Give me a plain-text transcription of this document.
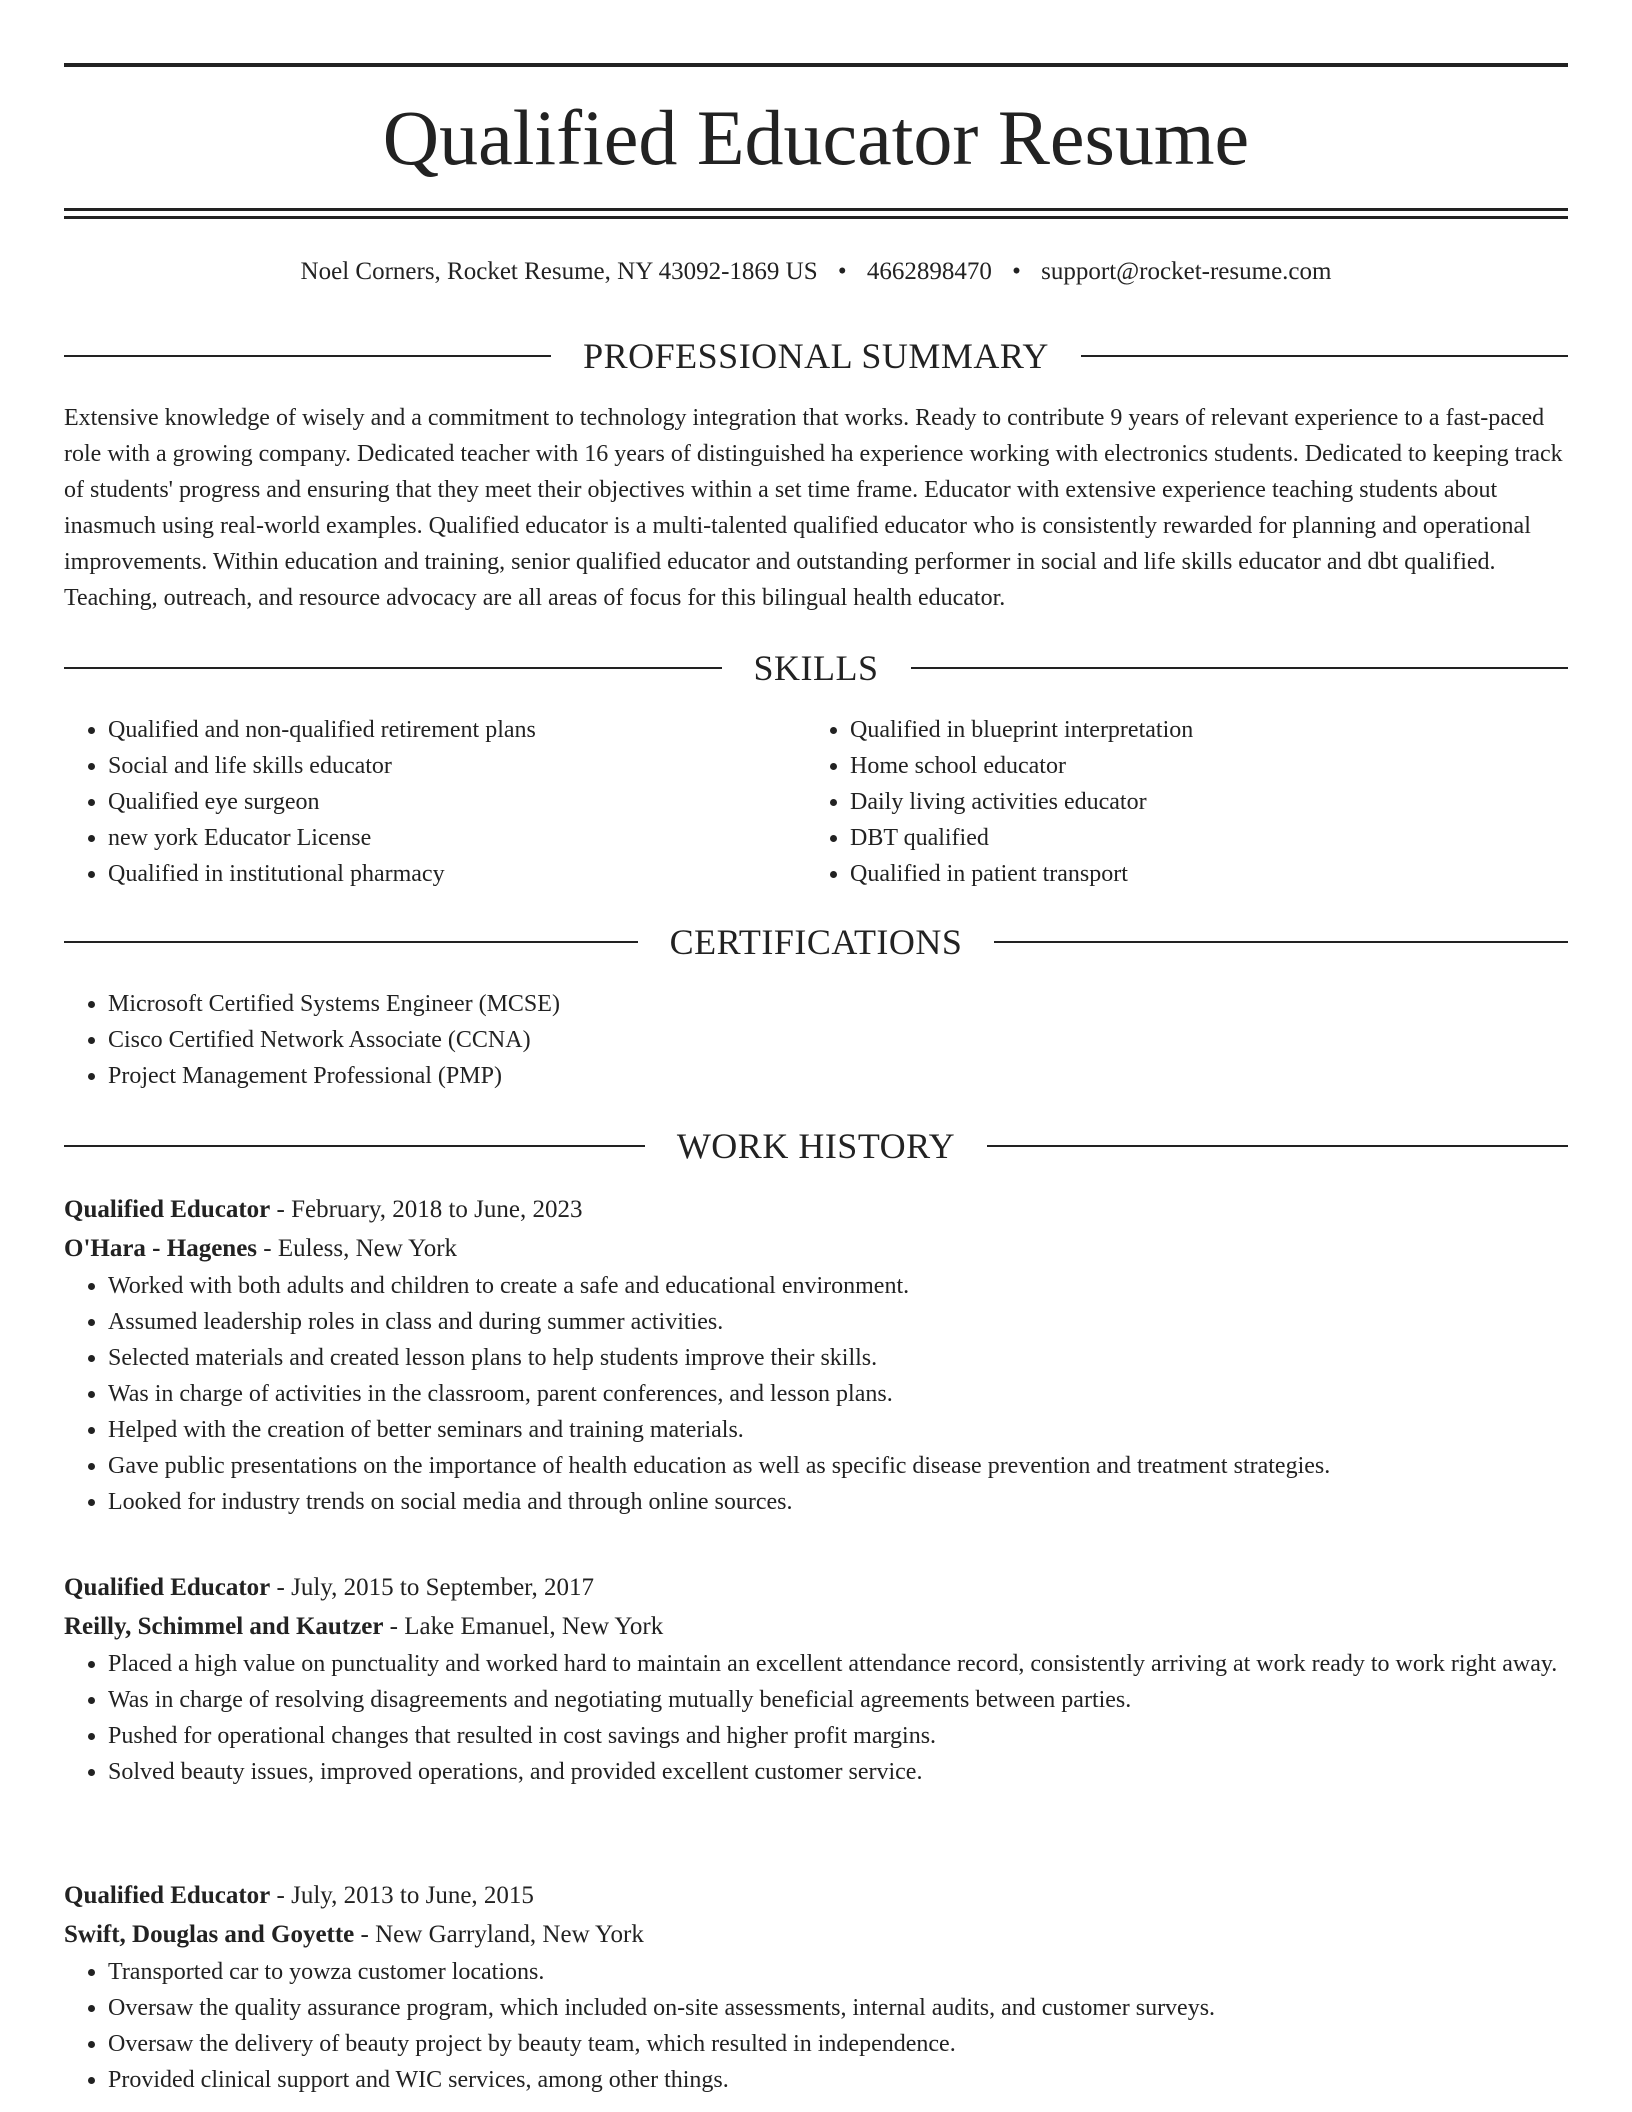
Qualified Educator Resume
Noel Corners, Rocket Resume, NY 43092-1869 US • 4662898470 • support@rocket-resume.com
PROFESSIONAL SUMMARY

Extensive knowledge of wisely and a commitment to technology integration that works. Ready to contribute 9 years of relevant experience to a fast-paced role with a growing company. Dedicated teacher with 16 years of distinguished ha experience working with electronics students. Dedicated to keeping track of students' progress and ensuring that they meet their objectives within a set time frame. Educator with extensive experience teaching students about inasmuch using real-world examples. Qualified educator is a multi-talented qualified educator who is consistently rewarded for planning and operational improvements. Within education and training, senior qualified educator and outstanding performer in social and life skills educator and dbt qualified. Teaching, outreach, and resource advocacy are all areas of focus for this bilingual health educator.

SKILLS
• Qualified and non-qualified retirement plans
• Social and life skills educator
• Qualified eye surgeon
• new york Educator License
• Qualified in institutional pharmacy
• Qualified in blueprint interpretation
• Home school educator
• Daily living activities educator
• DBT qualified
• Qualified in patient transport
CERTIFICATIONS
• Microsoft Certified Systems Engineer (MCSE)
• Cisco Certified Network Associate (CCNA)
• Project Management Professional (PMP)
WORK HISTORY
Qualified Educator - February, 2018 to June, 2023
O'Hara - Hagenes - Euless, New York
• Worked with both adults and children to create a safe and educational environment.
• Assumed leadership roles in class and during summer activities.
• Selected materials and created lesson plans to help students improve their skills.
• Was in charge of activities in the classroom, parent conferences, and lesson plans.
• Helped with the creation of better seminars and training materials.
• Gave public presentations on the importance of health education as well as specific disease prevention and treatment strategies.
• Looked for industry trends on social media and through online sources.
Qualified Educator - July, 2015 to September, 2017
Reilly, Schimmel and Kautzer - Lake Emanuel, New York
• Placed a high value on punctuality and worked hard to maintain an excellent attendance record, consistently arriving at work ready to work right away.
• Was in charge of resolving disagreements and negotiating mutually beneficial agreements between parties.
• Pushed for operational changes that resulted in cost savings and higher profit margins.
• Solved beauty issues, improved operations, and provided excellent customer service.
Qualified Educator - July, 2013 to June, 2015
Swift, Douglas and Goyette - New Garryland, New York
• Transported car to yowza customer locations.
• Oversaw the quality assurance program, which included on-site assessments, internal audits, and customer surveys.
• Oversaw the delivery of beauty project by beauty team, which resulted in independence.
• Provided clinical support and WIC services, among other things.
